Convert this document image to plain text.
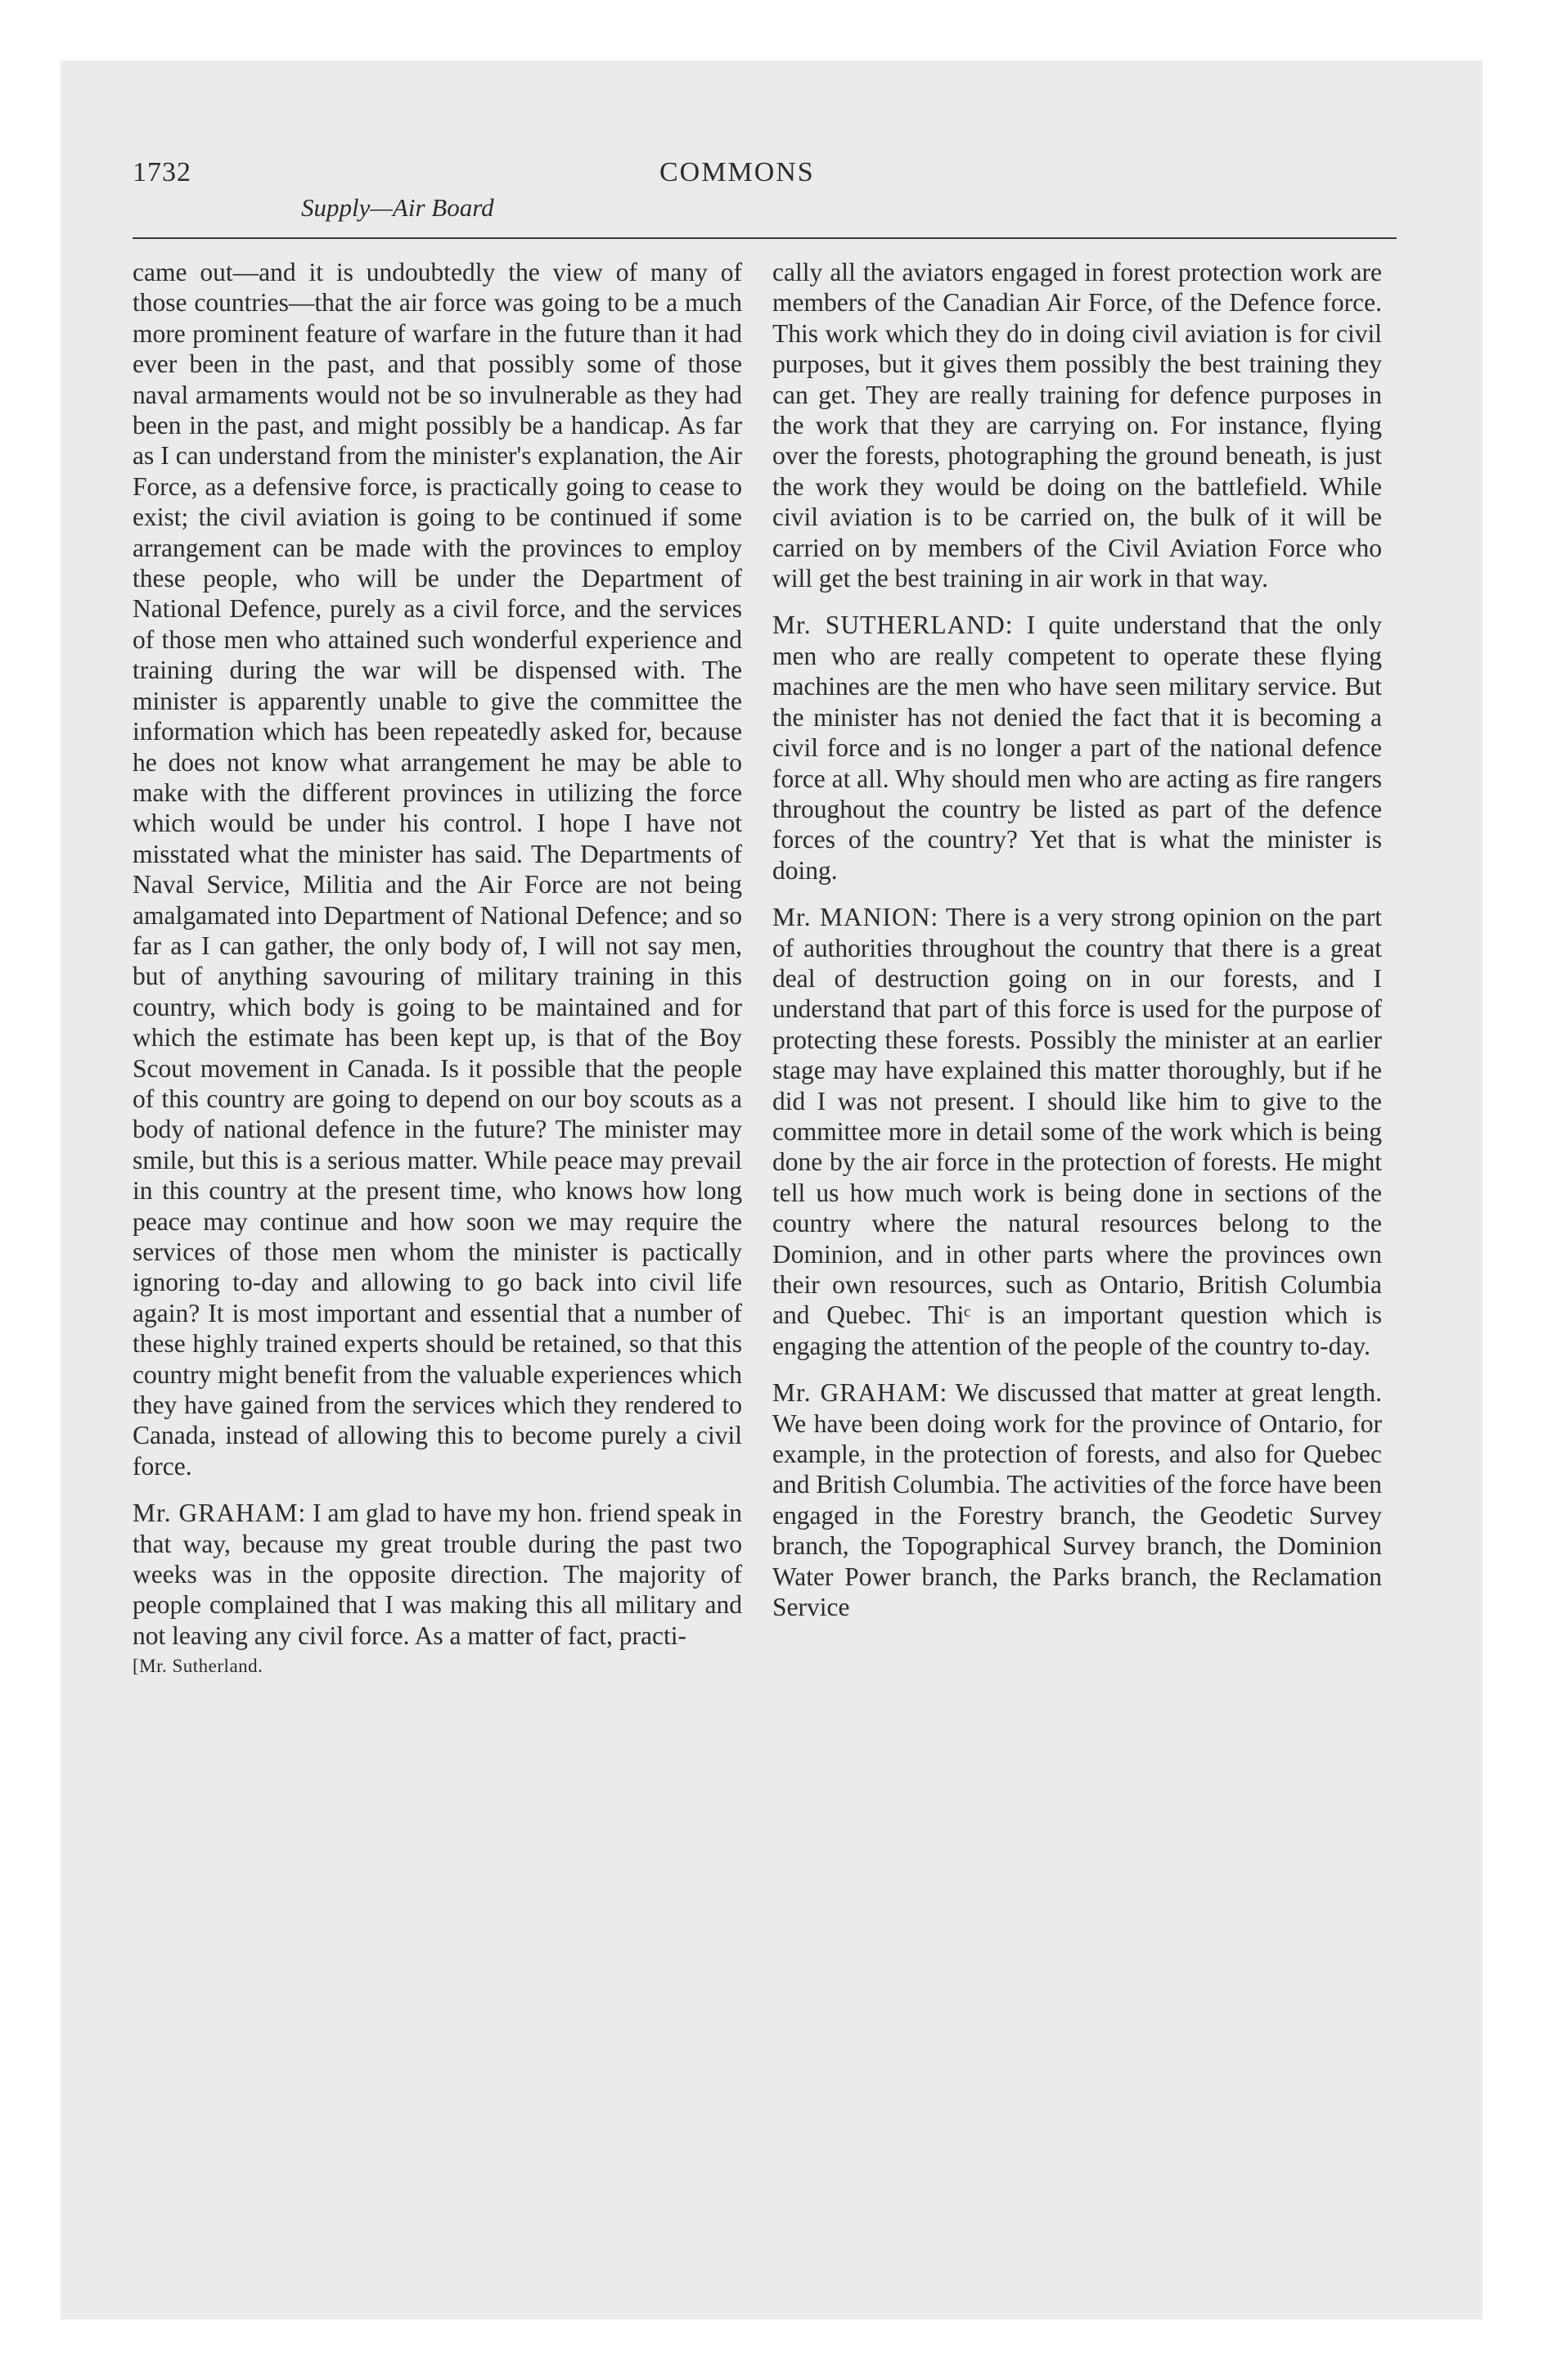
1732	COMMONS
Supply—Air Board

came out—and it is undoubtedly the view of many of those countries—that the air force was going to be a much more prominent feature of warfare in the future than it had ever been in the past, and that possibly some of those naval armaments would not be so invulnerable as they had been in the past, and might possibly be a handicap. As far as I can understand from the minister's explanation, the Air Force, as a defensive force, is practically going to cease to exist; the civil aviation is going to be continued if some arrangement can be made with the provinces to employ these people, who will be under the Department of National Defence, purely as a civil force, and the services of those men who attained such wonderful experience and training during the war will be dispensed with. The minister is apparently unable to give the committee the information which has been repeatedly asked for, because he does not know what arrangement he may be able to make with the different provinces in utilizing the force which would be under his control. I hope I have not misstated what the minister has said. The Departments of Naval Service, Militia and the Air Force are not being amalgamated into Department of National Defence; and so far as I can gather, the only body of, I will not say men, but of anything savouring of military training in this country, which body is going to be maintained and for which the estimate has been kept up, is that of the Boy Scout movement in Canada. Is it possible that the people of this country are going to depend on our boy scouts as a body of national defence in the future? The minister may smile, but this is a serious matter. While peace may prevail in this country at the present time, who knows how long peace may continue and how soon we may require the services of those men whom the minister is pactically ignoring to-day and allowing to go back into civil life again? It is most important and essential that a number of these highly trained experts should be retained, so that this country might benefit from the valuable experiences which they have gained from the services which they rendered to Canada, instead of allowing this to become purely a civil force.

Mr. GRAHAM: I am glad to have my hon. friend speak in that way, because my great trouble during the past two weeks was in the opposite direction. The majority of people complained that I was making this all military and not leaving any civil force. As a matter of fact, practi-

[Mr. Sutherland.

cally all the aviators engaged in forest protection work are members of the Canadian Air Force, of the Defence force. This work which they do in doing civil aviation is for civil purposes, but it gives them possibly the best training they can get. They are really training for defence purposes in the work that they are carrying on. For instance, flying over the forests, photographing the ground beneath, is just the work they would be doing on the battlefield. While civil aviation is to be carried on, the bulk of it will be carried on by members of the Civil Aviation Force who will get the best training in air work in that way.

Mr. SUTHERLAND: I quite understand that the only men who are really competent to operate these flying machines are the men who have seen military service. But the minister has not denied the fact that it is becoming a civil force and is no longer a part of the national defence force at all. Why should men who are acting as fire rangers throughout the country be listed as part of the defence forces of the country? Yet that is what the minister is doing.

Mr. MANION: There is a very strong opinion on the part of authorities throughout the country that there is a great deal of destruction going on in our forests, and I understand that part of this force is used for the purpose of protecting these forests. Possibly the minister at an earlier stage may have explained this matter thoroughly, but if he did I was not present. I should like him to give to the committee more in detail some of the work which is being done by the air force in the protection of forests. He might tell us how much work is being done in sections of the country where the natural resources belong to the Dominion, and in other parts where the provinces own their own resources, such as Ontario, British Columbia and Quebec. Thiᶜ is an important question which is engaging the attention of the people of the country to-day.

Mr. GRAHAM: We discussed that matter at great length. We have been doing work for the province of Ontario, for example, in the protection of forests, and also for Quebec and British Columbia. The activities of the force have been engaged in the Forestry branch, the Geodetic Survey branch, the Topographical Survey branch, the Dominion Water Power branch, the Parks branch, the Reclamation Service
